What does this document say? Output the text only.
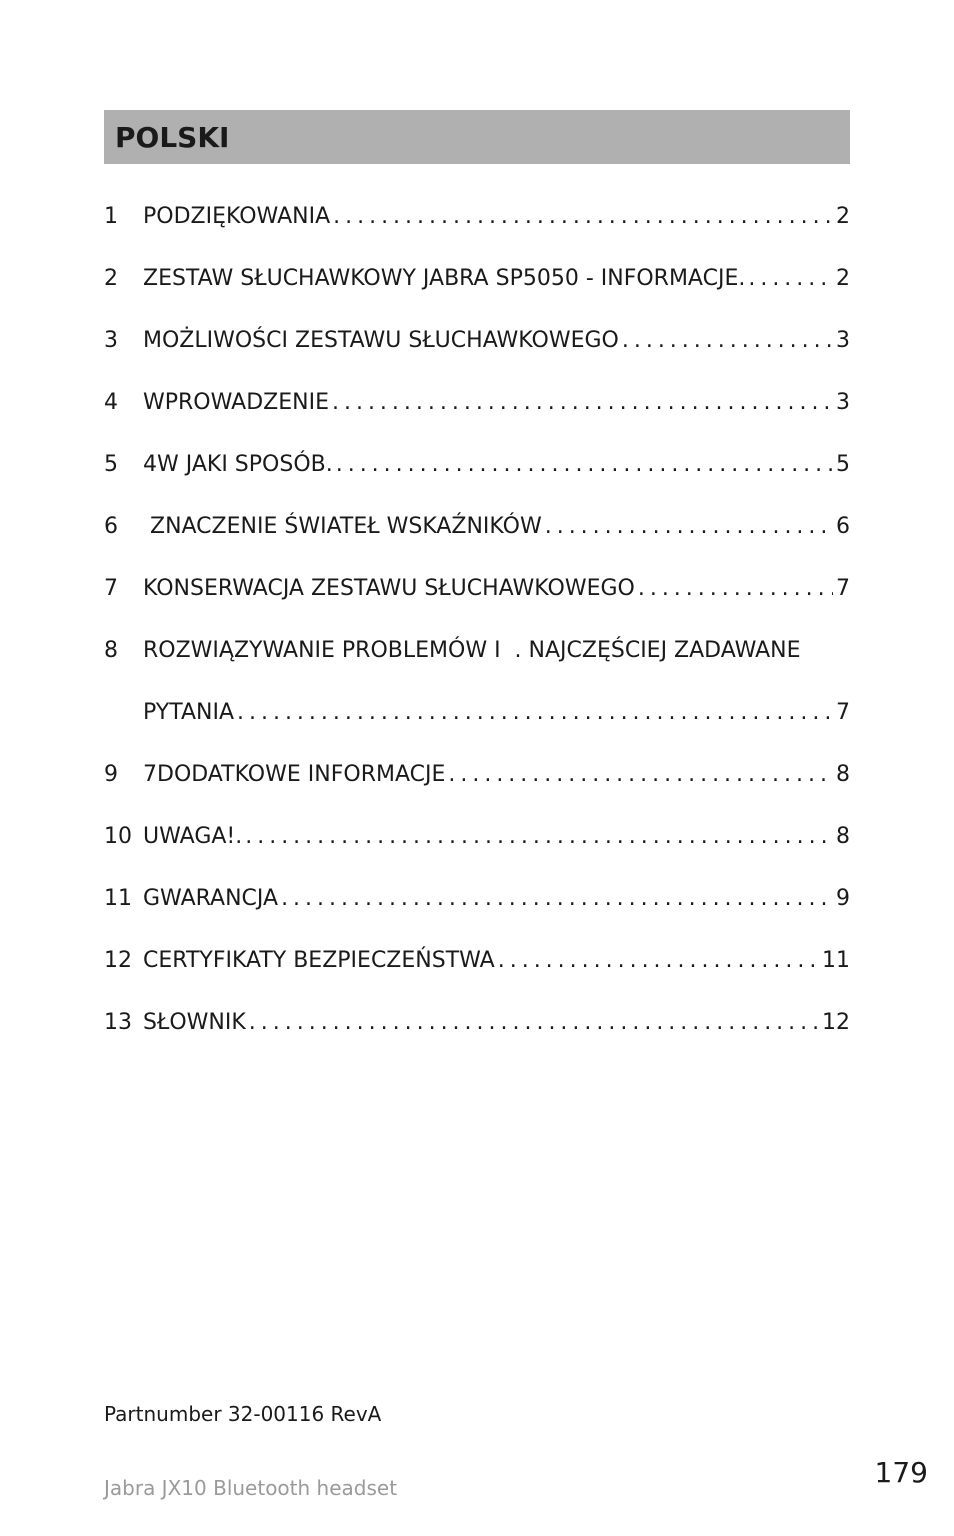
POLSKI
1 PODZIĘKOWANIA . . .	2
2 ZESTAW SŁUCHAWKOWY JABRA SP5050 - INFORMACJE. . . .	2
3 MOŻLIWOŚCI ZESTAWU SŁUCHAWKOWEGO . . .	3
4 WPROWADZENIE . . .	3
5 4W JAKI SPOSÓB. . . .	5
6 ZNACZENIE ŚWIATEŁ WSKAŹNIKÓW . . .	6
7 KONSERWACJA ZESTAWU SŁUCHAWKOWEGO . . .	7
8 ROZWIĄZYWANIE PROBLEMÓW I  . NAJCZĘŚCIEJ ZADAWANE
PYTANIA . . .	7
9 7DODATKOWE INFORMACJE . . .	8
10 UWAGA!. . . .	8
11 GWARANCJA . . .	9
12 CERTYFIKATY BEZPIECZEŃSTWA . . .	11
13 SŁOWNIK . . .	12
Partnumber 32-00116 RevA
Jabra JX10 Bluetooth headset	179
